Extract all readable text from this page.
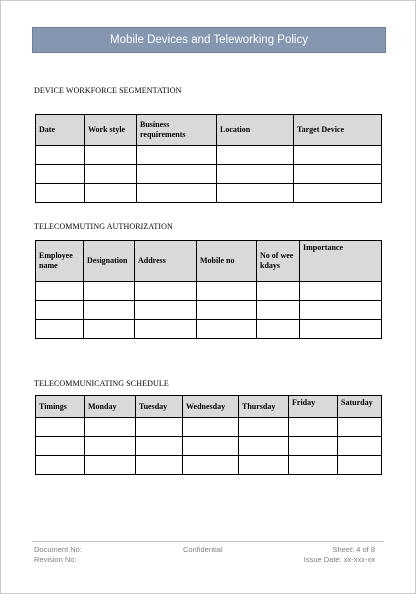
Mobile Devices and Teleworking Policy
DEVICE WORKFORCE SEGMENTATION
Date	Work style	Business requirements	Location	Target Device

TELECOMMUTING AUTHORIZATION
Employee name	Designation	Address	Mobile no	No of weekdays	Importance

TELECOMMUNICATING SCHEDULE
Timings	Monday	Tuesday	Wednesday	Thursday	Friday	Saturday

Document No:
Revision No:
Confidential	Sheet: 4 of 8
Issue Date: xx-xxx-xx
